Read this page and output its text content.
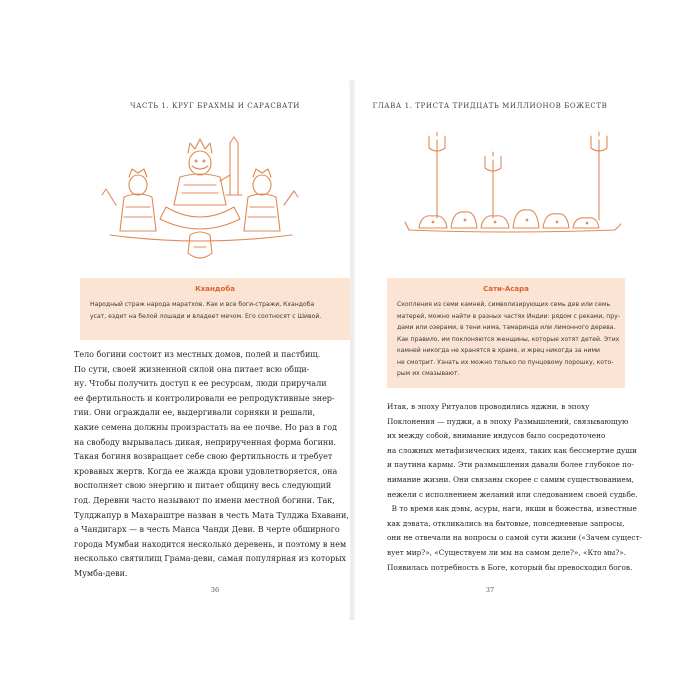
ЧАСТЬ 1. КРУГ БРАХМЫ И САРАСВАТИ
Кхандоба
Народный страж народа маратхов. Как и все боги-стражи, Кхандоба
усат, ездит на белой лошади и владеет мечом. Его соотносят с Шивой.
Тело богини состоит из местных домов, полей и пастбищ.
По сути, своей жизненной силой она питает всю общи-
ну. Чтобы получить доступ к ее ресурсам, люди приручали
ее фертильность и контролировали ее репродуктивные энер-
гии. Они ограждали ее, выдергивали сорняки и решали,
какие семена должны произрастать на ее почве. Но раз в год
на свободу вырывалась дикая, неприрученная форма богини.
Такая богиня возвращает себе свою фертильность и требует
кровавых жертв. Когда ее жажда крови удовлетворяется, она
восполняет свою энергию и питает общину весь следующий
год. Деревни часто называют по имени местной богини. Так,
Тулджапур в Махараштре назван в честь Мата Тулджа Бхавани,
а Чандигарх — в честь Манса Чанди Деви. В черте обширного
города Мумбаи находится несколько деревень, и поэтому в нем
несколько святилищ Грама-деви, самая популярная из которых
Мумба-деви.
36
ГЛАВА 1. ТРИСТА ТРИДЦАТЬ МИЛЛИОНОВ БОЖЕСТВ
Сати-Асара
Скопления из семи камней, символизирующих семь дев или семь
матерей, можно найти в разных частях Индии: рядом с реками, пру-
дами или озерами, в тени нима, тамаринда или лимонного дерева.
Как правило, им поклоняются женщины, которые хотят детей. Этих
камней никогда не хранятся в храме, и жрец никогда за ними
не смотрит. Узнать их можно только по пунцовому порошку, кото-
рым их смазывают.
Итак, в эпоху Ритуалов проводились яджни, в эпоху
Поклонения — пуджи, а в эпоху Размышлений, связывающую
их между собой, внимание индусов было сосредоточено
на сложных метафизических идеях, таких как бессмертие души
и паутина кармы. Эти размышления давали более глубокое по-
нимание жизни. Они связаны скорее с самим существованием,
нежели с исполнением желаний или следованием своей судьбе.
В то время как дэвы, асуры, наги, якши и божества, известные
как дэвата, откликались на бытовые, повседневные запросы,
они не отвечали на вопросы о самой сути жизни («Зачем сущест-
вует мир?», «Существуем ли мы на самом деле?», «Кто мы?».
Появилась потребность в Боге, который бы превосходил богов.
37
